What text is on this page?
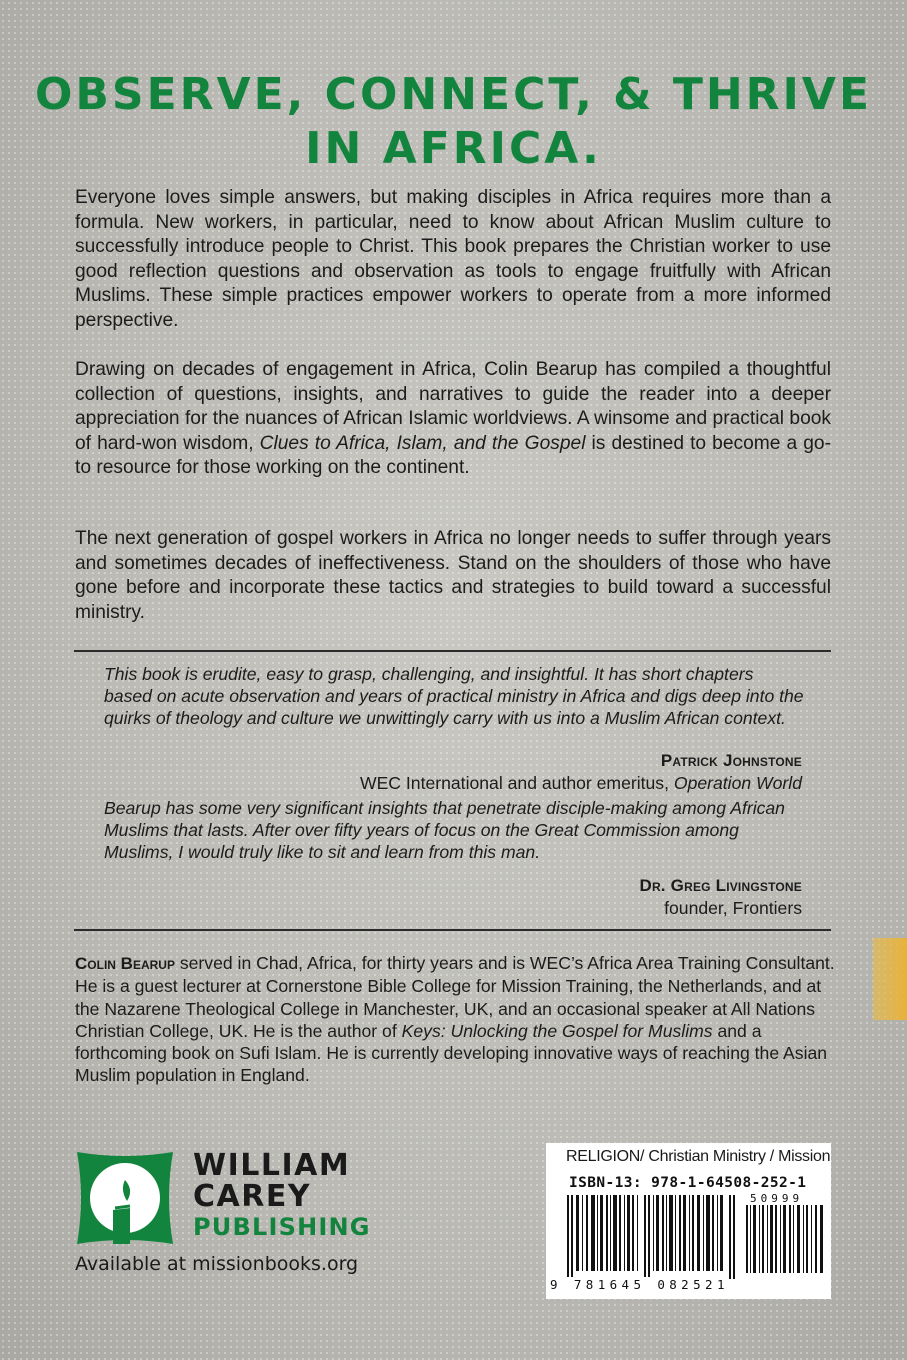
OBSERVE, CONNECT, & THRIVE
IN AFRICA.

Everyone loves simple answers, but making disciples in Africa requires more than a formula. New workers, in particular, need to know about African Muslim culture to successfully introduce people to Christ. This book prepares the Christian worker to use good reflection questions and observation as tools to engage fruitfully with African Muslims. These simple practices empower workers to operate from a more informed perspective.

Drawing on decades of engagement in Africa, Colin Bearup has compiled a thoughtful collection of questions, insights, and narratives to guide the reader into a deeper appreciation for the nuances of African Islamic worldviews. A winsome and practical book of hard-won wisdom, Clues to Africa, Islam, and the Gospel is destined to become a go-to resource for those working on the continent.

The next generation of gospel workers in Africa no longer needs to suffer through years and sometimes decades of ineffectiveness. Stand on the shoulders of those who have gone before and incorporate these tactics and strategies to build toward a successful ministry.

This book is erudite, easy to grasp, challenging, and insightful. It has short chapters based on acute observation and years of practical ministry in Africa and digs deep into the quirks of theology and culture we unwittingly carry with us into a Muslim African context.

Patrick Johnstone
WEC International and author emeritus, Operation World

Bearup has some very significant insights that penetrate disciple-making among African Muslims that lasts. After over fifty years of focus on the Great Commission among Muslims, I would truly like to sit and learn from this man.

Dr. Greg Livingstone
founder, Frontiers

Colin Bearup served in Chad, Africa, for thirty years and is WEC’s Africa Area Training Consultant. He is a guest lecturer at Cornerstone Bible College for Mission Training, the Netherlands, and at the Nazarene Theological College in Manchester, UK, and an occasional speaker at All Nations Christian College, UK. He is the author of Keys: Unlocking the Gospel for Muslims and a forthcoming book on Sufi Islam. He is currently developing innovative ways of reaching the Asian Muslim population in England.

WILLIAM
CAREY
PUBLISHING
Available at missionbooks.org
RELIGION/ Christian Ministry / Mission
ISBN-13: 978-1-64508-252-1
50999
9 781645 082521
